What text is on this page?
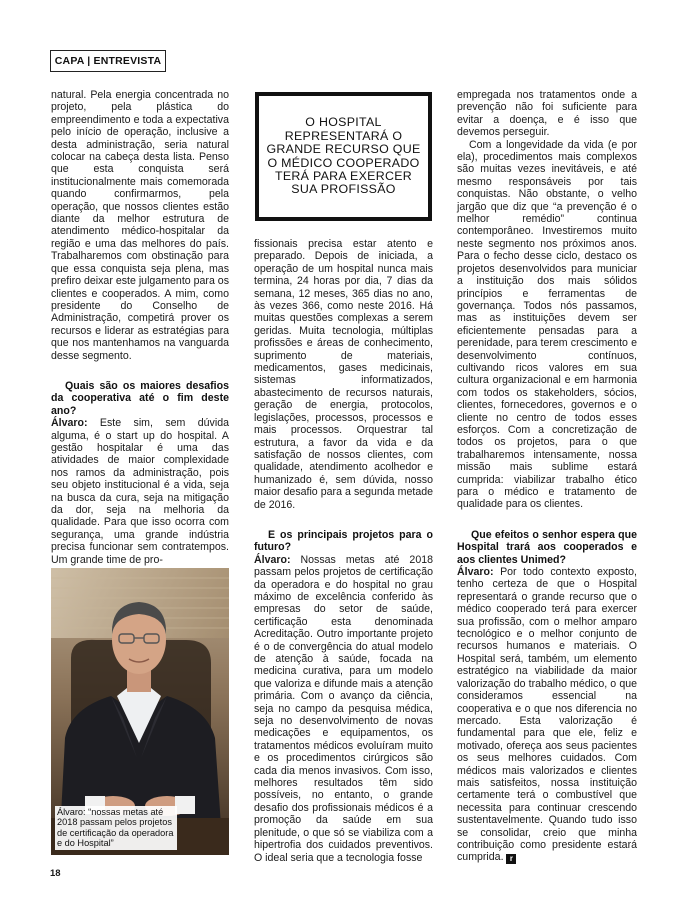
CAPA | ENTREVISTA

natural. Pela energia concentrada no projeto, pela plástica do empreendimento e toda a expectativa pelo início de operação, inclusive a desta administração, seria natural colocar na cabeça desta lista. Penso que esta conquista será institucionalmente mais comemorada quando confirmarmos, pela operação, que nossos clientes estão diante da melhor estrutura de atendimento médico-hospitalar da região e uma das melhores do país. Trabalharemos com obstinação para que essa conquista seja plena, mas prefiro deixar este julgamento para os clientes e cooperados. A mim, como presidente do Conselho de Administração, competirá prover os recursos e liderar as estratégias para que nos mantenhamos na vanguarda desse segmento.

Quais são os maiores desafios da cooperativa até o fim deste ano?

Álvaro: Este sim, sem dúvida alguma, é o start up do hospital. A gestão hospitalar é uma das atividades de maior complexidade nos ramos da administração, pois seu objeto institucional é a vida, seja na busca da cura, seja na mitigação da dor, seja na melhoria da qualidade. Para que isso ocorra com segurança, uma grande indústria precisa funcionar sem contratempos. Um grande time de pro-

O HOSPITAL REPRESENTARÁ O GRANDE RECURSO QUE O MÉDICO COOPERADO TERÁ PARA EXERCER SUA PROFISSÃO

fissionais precisa estar atento e preparado. Depois de iniciada, a operação de um hospital nunca mais termina, 24 horas por dia, 7 dias da semana, 12 meses, 365 dias no ano, às vezes 366, como neste 2016. Há muitas questões complexas a serem geridas. Muita tecnologia, múltiplas profissões e áreas de conhecimento, suprimento de materiais, medicamentos, gases medicinais, sistemas informatizados, abastecimento de recursos naturais, geração de energia, protocolos, legislações, processos, processos e mais processos. Orquestrar tal estrutura, a favor da vida e da satisfação de nossos clientes, com qualidade, atendimento acolhedor e humanizado é, sem dúvida, nosso maior desafio para a segunda metade de 2016.

E os principais projetos para o futuro?

Álvaro: Nossas metas até 2018 passam pelos projetos de certificação da operadora e do hospital no grau máximo de excelência conferido às empresas do setor de saúde, certificação esta denominada Acreditação. Outro importante projeto é o de convergência do atual modelo de atenção à saúde, focada na medicina curativa, para um modelo que valoriza e difunde mais a atenção primária. Com o avanço da ciência, seja no campo da pesquisa médica, seja no desenvolvimento de novas medicações e equipamentos, os tratamentos médicos evoluíram muito e os procedimentos cirúrgicos são cada dia menos invasivos. Com isso, melhores resultados têm sido possíveis, no entanto, o grande desafio dos profissionais médicos é a promoção da saúde em sua plenitude, o que só se viabiliza com a hipertrofia dos cuidados preventivos. O ideal seria que a tecnologia fosse

empregada nos tratamentos onde a prevenção não foi suficiente para evitar a doença, e é isso que devemos perseguir.

Com a longevidade da vida (e por ela), procedimentos mais complexos são muitas vezes inevitáveis, e até mesmo responsáveis por tais conquistas. Não obstante, o velho jargão que diz que “a prevenção é o melhor remédio” continua contemporâneo. Investiremos muito neste segmento nos próximos anos. Para o fecho desse ciclo, destaco os projetos desenvolvidos para municiar a instituição dos mais sólidos princípios e ferramentas de governança. Todos nós passamos, mas as instituições devem ser eficientemente pensadas para a perenidade, para terem crescimento e desenvolvimento contínuos, cultivando ricos valores em sua cultura organizacional e em harmonia com todos os stakeholders, sócios, clientes, fornecedores, governos e o cliente no centro de todos esses esforços. Com a concretização de todos os projetos, para o que trabalharemos intensamente, nossa missão mais sublime estará cumprida: viabilizar trabalho ético para o médico e tratamento de qualidade para os clientes.

Que efeitos o senhor espera que Hospital trará aos cooperados e aos clientes Unimed?

Álvaro: Por todo contexto exposto, tenho certeza de que o Hospital representará o grande recurso que o médico cooperado terá para exercer sua profissão, com o melhor amparo tecnológico e o melhor conjunto de recursos humanos e materiais. O Hospital será, também, um elemento estratégico na viabilidade da maior valorização do trabalho médico, o que consideramos essencial na cooperativa e o que nos diferencia no mercado. Esta valorização é fundamental para que ele, feliz e motivado, ofereça aos seus pacientes os seus melhores cuidados. Com médicos mais valorizados e clientes mais satisfeitos, nossa instituição certamente terá o combustível que necessita para continuar crescendo sustentavelmente. Quando tudo isso se consolidar, creio que minha contribuição como presidente estará cumprida. r

Álvaro: “nossas metas até 2018 passam pelos projetos de certificação da operadora e do Hospital”
18
